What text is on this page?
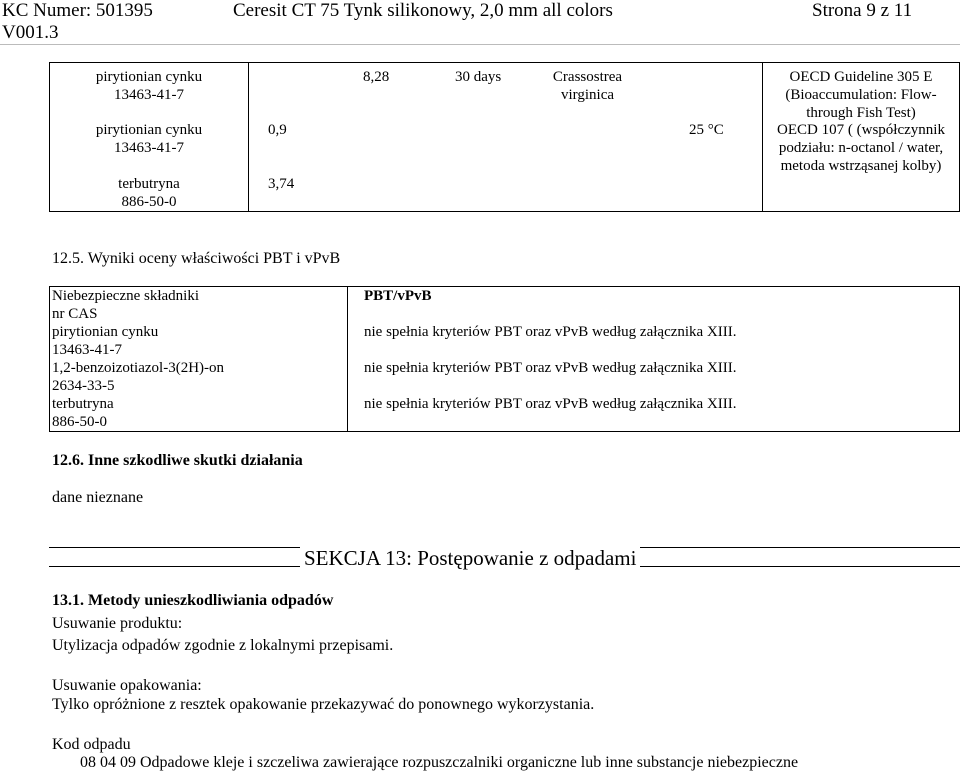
KC Numer: 501395
V001.3
Ceresit CT 75 Tynk silikonowy, 2,0 mm all colors	Strona 9 z 11
pirytionian cynku
13463-41-7
pirytionian cynku
13463-41-7
terbutryna
886-50-0
8,28
0,9
3,74
30 days	Crassostrea
virginica
25 °C
OECD Guideline 305 E
(Bioaccumulation: Flow-
through Fish Test)
OECD 107 ( (współczynnik
podziału: n-octanol / water,
metoda wstrząsanej kolby)
12.5. Wyniki oceny właściwości PBT i vPvB
Niebezpieczne składniki
nr CAS
PBT/vPvB
pirytionian cynku
13463-41-7
nie spełnia kryteriów PBT oraz vPvB według załącznika XIII.
1,2-benzoizotiazol-3(2H)-on
2634-33-5
nie spełnia kryteriów PBT oraz vPvB według załącznika XIII.
terbutryna
886-50-0
nie spełnia kryteriów PBT oraz vPvB według załącznika XIII.
12.6. Inne szkodliwe skutki działania
dane nieznane
SEKCJA 13: Postępowanie z odpadami
13.1. Metody unieszkodliwiania odpadów
Usuwanie produktu:
Utylizacja odpadów zgodnie z lokalnymi przepisami.
Usuwanie opakowania:
Tylko opróżnione z resztek opakowanie przekazywać do ponownego wykorzystania.
Kod odpadu
08 04 09 Odpadowe kleje i szczeliwa zawierające rozpuszczalniki organiczne lub inne substancje niebezpieczne
